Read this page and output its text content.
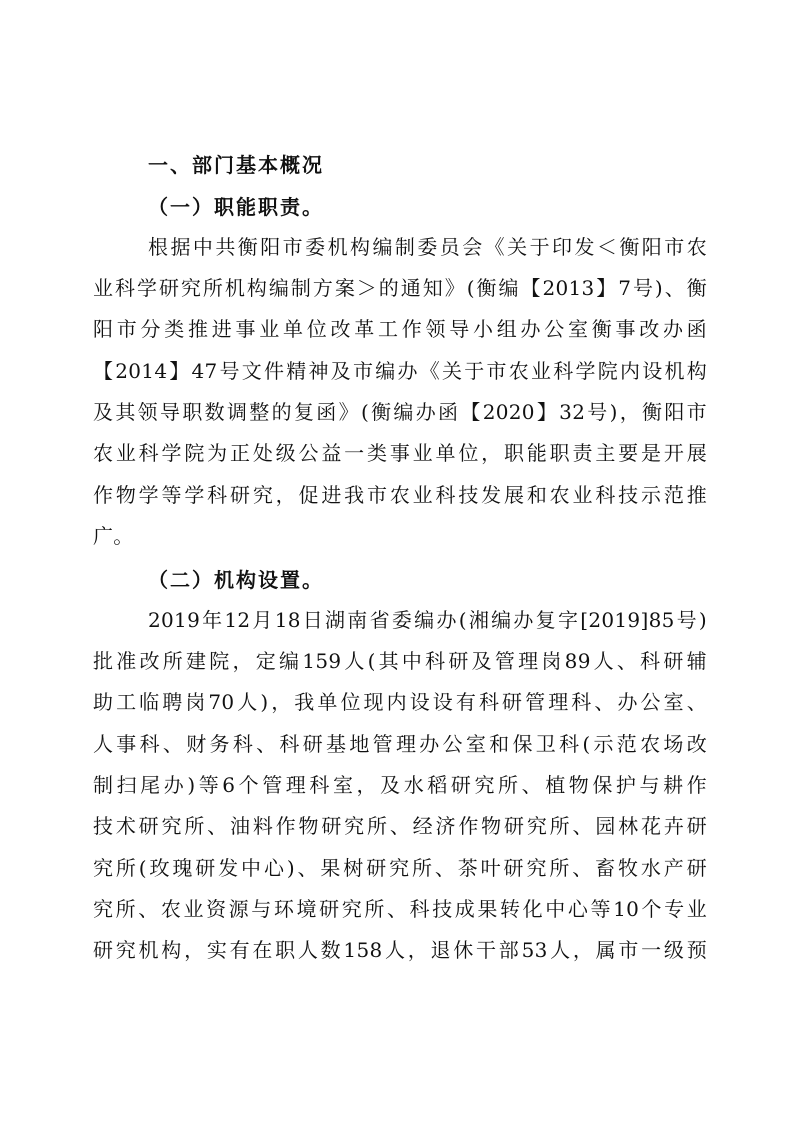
一、部门基本概况
（一）职能职责。
根据中共衡阳市委机构编制委员会《关于印发＜衡阳市农
业科学研究所机构编制方案＞的通知》(衡编【2013】7号)、衡
阳市分类推进事业单位改革工作领导小组办公室衡事改办函
【2014】47号文件精神及市编办《关于市农业科学院内设机构
及其领导职数调整的复函》(衡编办函【2020】32号)，衡阳市
农业科学院为正处级公益一类事业单位，职能职责主要是开展
作物学等学科研究，促进我市农业科技发展和农业科技示范推
广。
（二）机构设置。
2019年12月18日湖南省委编办(湘编办复字[2019]85号)
批准改所建院，定编159人(其中科研及管理岗89人、科研辅
助工临聘岗70人)，我单位现内设设有科研管理科、办公室、
人事科、财务科、科研基地管理办公室和保卫科(示范农场改
制扫尾办)等6个管理科室，及水稻研究所、植物保护与耕作
技术研究所、油料作物研究所、经济作物研究所、园林花卉研
究所(玫瑰研发中心)、果树研究所、茶叶研究所、畜牧水产研
究所、农业资源与环境研究所、科技成果转化中心等10个专业
研究机构，实有在职人数158人，退休干部53人，属市一级预
